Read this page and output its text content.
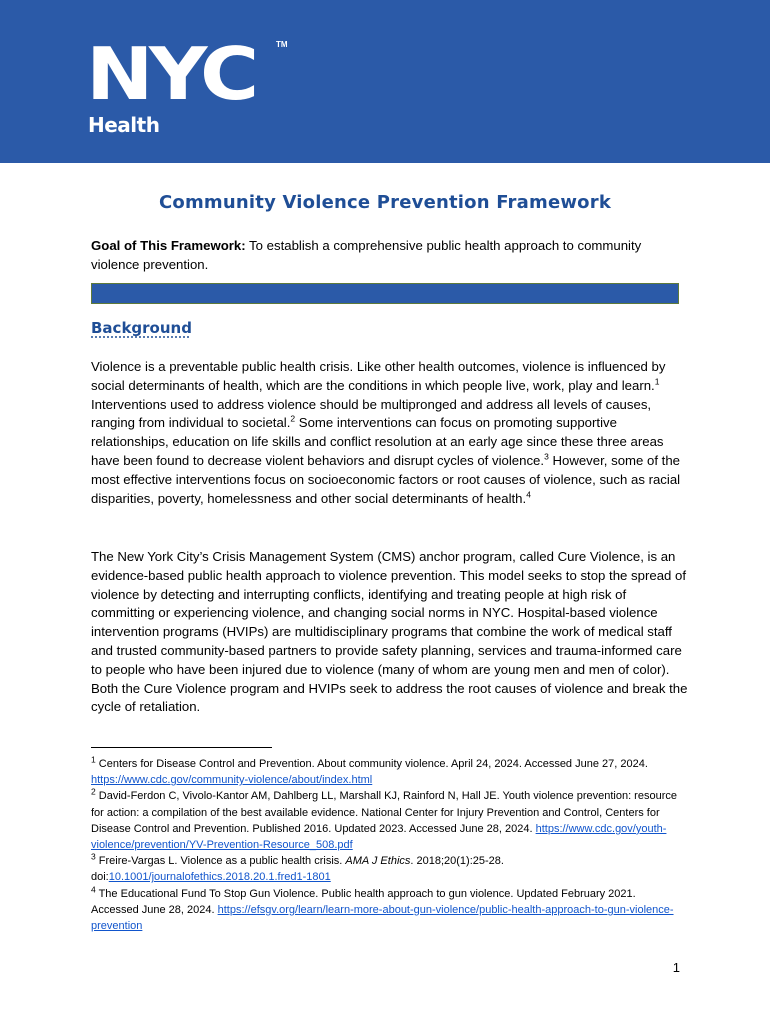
NYC	TM
Health
Community Violence Prevention Framework
Goal of This Framework: To establish a comprehensive public health approach to community violence prevention.
Background

Violence is a preventable public health crisis. Like other health outcomes, violence is influenced by social determinants of health, which are the conditions in which people live, work, play and learn.$^1$ Interventions used to address violence should be multipronged and address all levels of causes, ranging from individual to societal.$^2$ Some interventions can focus on promoting supportive relationships, education on life skills and conflict resolution at an early age since these three areas have been found to decrease violent behaviors and disrupt cycles of violence.$^3$ However, some of the most effective interventions focus on socioeconomic factors or root causes of violence, such as racial disparities, poverty, homelessness and other social determinants of health.$^4$

The New York City’s Crisis Management System (CMS) anchor program, called Cure Violence, is an evidence-based public health approach to violence prevention. This model seeks to stop the spread of violence by detecting and interrupting conflicts, identifying and treating people at high risk of committing or experiencing violence, and changing social norms in NYC. Hospital-based violence intervention programs (HVIPs) are multidisciplinary programs that combine the work of medical staff and trusted community-based partners to provide safety planning, services and trauma-informed care to people who have been injured due to violence (many of whom are young men and men of color). Both the Cure Violence program and HVIPs seek to address the root causes of violence and break the cycle of retaliation.

$^1$ Centers for Disease Control and Prevention. About community violence. April 24, 2024. Accessed June 27, 2024. https://www.cdc.gov/community-violence/about/index.html

$^2$ David-Ferdon C, Vivolo-Kantor AM, Dahlberg LL, Marshall KJ, Rainford N, Hall JE. Youth violence prevention: resource for action: a compilation of the best available evidence. National Center for Injury Prevention and Control, Centers for Disease Control and Prevention. Published 2016. Updated 2023. Accessed June 28, 2024. https://www.cdc.gov/youth-violence/prevention/YV-Prevention-Resource_508.pdf

$^3$ Freire-Vargas L. Violence as a public health crisis. AMA J Ethics. 2018;20(1):25-28. doi:10.1001/journalofethics.2018.20.1.fred1-1801

$^4$ The Educational Fund To Stop Gun Violence. Public health approach to gun violence. Updated February 2021. Accessed June 28, 2024. https://efsgv.org/learn/learn-more-about-gun-violence/public-health-approach-to-gun-violence-prevention

1
